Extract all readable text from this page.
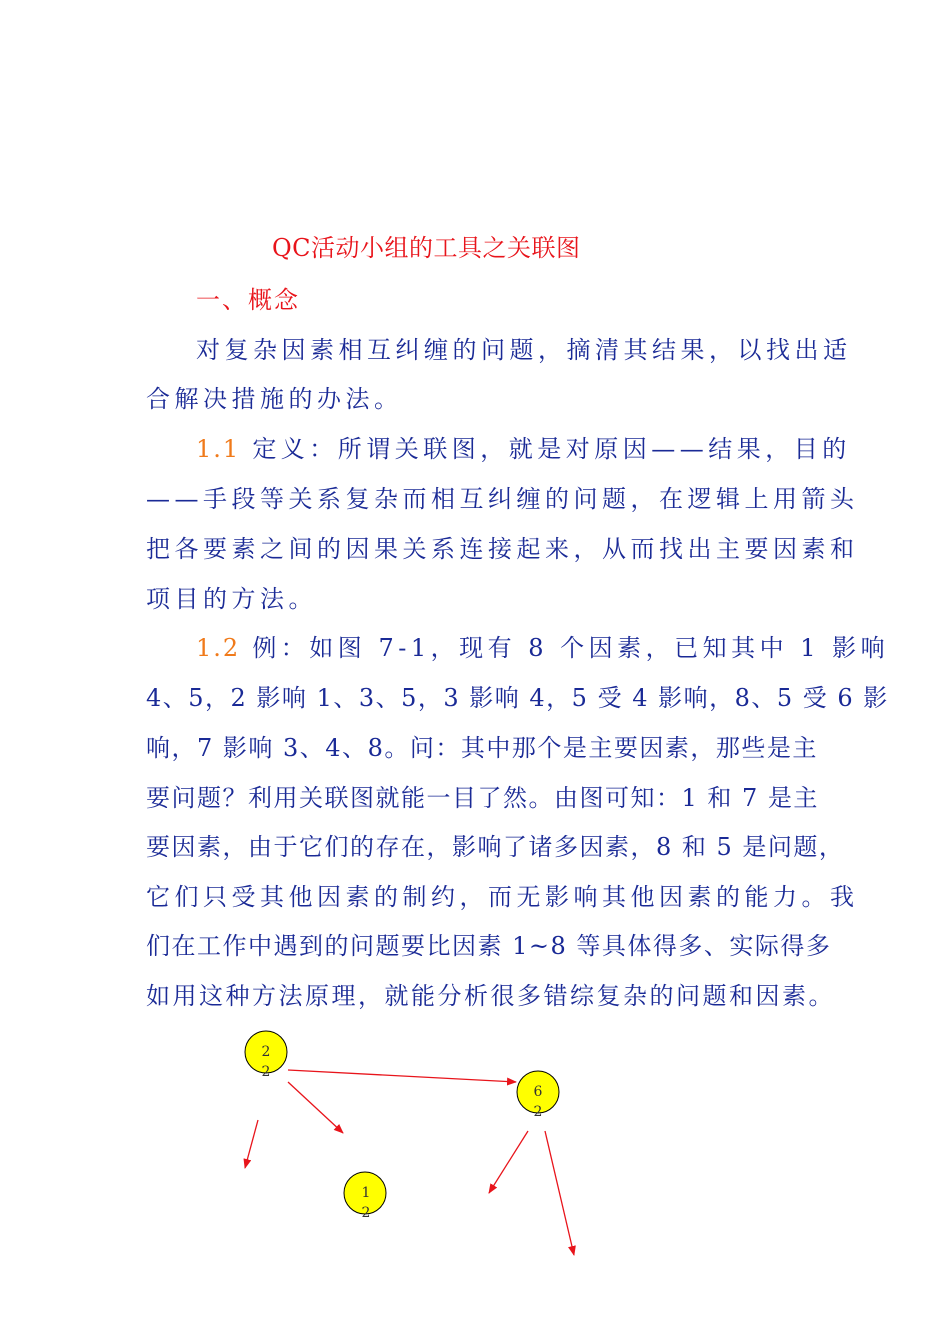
QC活动小组的工具之关联图
一、概念
对复杂因素相互纠缠的问题，摘清其结果，以找出适
合解决措施的办法。
1.1 定义：所谓关联图，就是对原因——结果，目的
——手段等关系复杂而相互纠缠的问题，在逻辑上用箭头
把各要素之间的因果关系连接起来，从而找出主要因素和
项目的方法。
1.2 例：如图 7-1，现有 8 个因素，已知其中 1 影响
4、5，2 影响 1、3、5，3 影响 4，5 受 4 影响，8、5 受 6 影
响，7 影响 3、4、8。问：其中那个是主要因素，那些是主
要问题？利用关联图就能一目了然。由图可知：1 和 7 是主
要因素，由于它们的存在，影响了诸多因素，8 和 5 是问题，
它们只受其他因素的制约，而无影响其他因素的能力。我
们在工作中遇到的问题要比因素 1~8 等具体得多、实际得多
如用这种方法原理，就能分析很多错综复杂的问题和因素。
2
2
6
2
1
2
